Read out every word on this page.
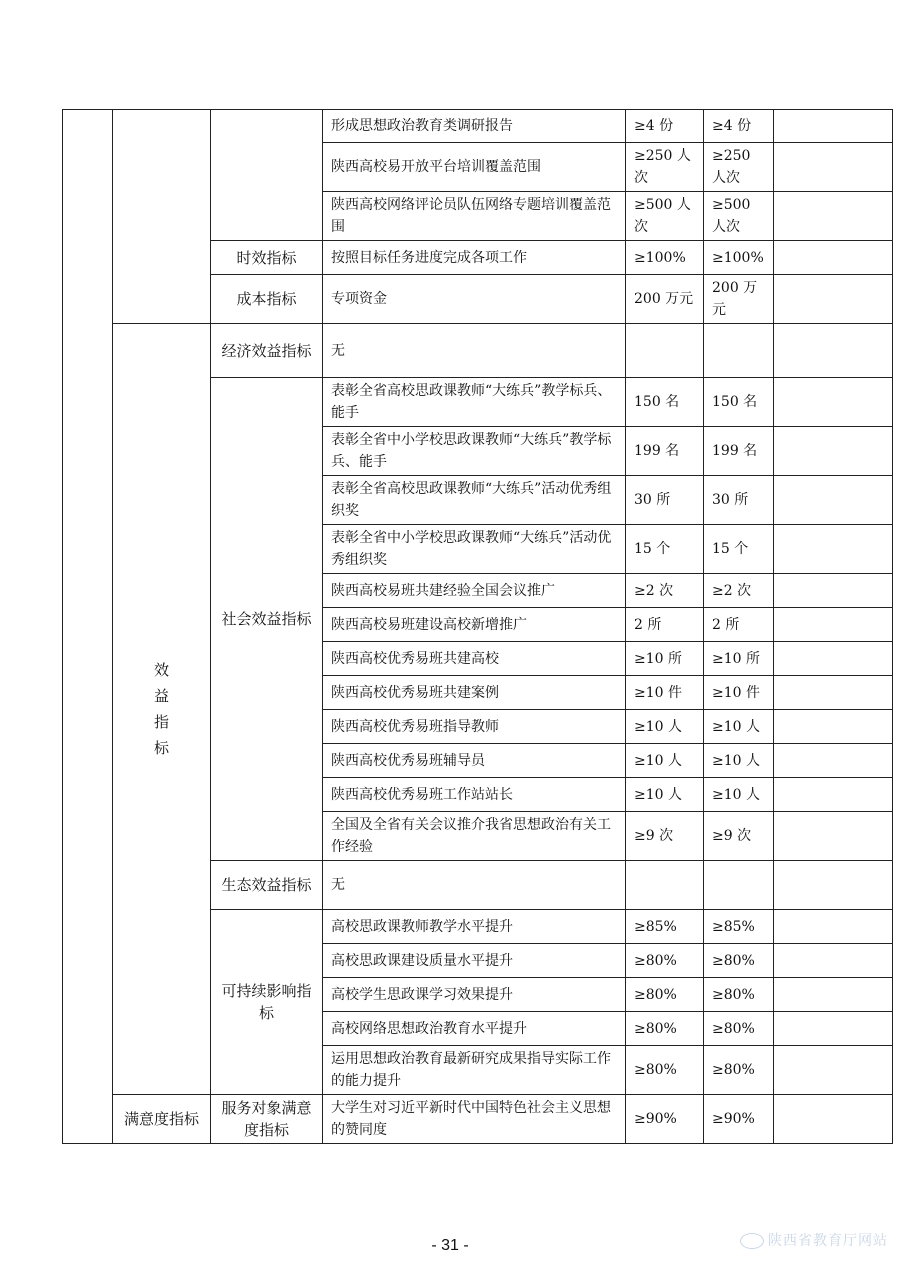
			形成思想政治教育类调研报告	≥4 份	≥4 份	
			陕西高校易开放平台培训覆盖范围	≥250 人次	≥250 人次	
			陕西高校网络评论员队伍网络专题培训覆盖范围	≥500 人次	≥500 人次	
		时效指标	按照目标任务进度完成各项工作	≥100%	≥100%	
		成本指标	专项资金	200 万元	200 万元	
	效益指标	经济效益指标	无			
		社会效益指标	表彰全省高校思政课教师“大练兵”教学标兵、能手	150 名	150 名	
			表彰全省中小学校思政课教师“大练兵”教学标兵、能手	199 名	199 名	
			表彰全省高校思政课教师“大练兵”活动优秀组织奖	30 所	30 所	
			表彰全省中小学校思政课教师“大练兵”活动优秀组织奖	15 个	15 个	
			陕西高校易班共建经验全国会议推广	≥2 次	≥2 次	
			陕西高校易班建设高校新增推广	2 所	2 所	
			陕西高校优秀易班共建高校	≥10 所	≥10 所	
			陕西高校优秀易班共建案例	≥10 件	≥10 件	
			陕西高校优秀易班指导教师	≥10 人	≥10 人	
			陕西高校优秀易班辅导员	≥10 人	≥10 人	
			陕西高校优秀易班工作站站长	≥10 人	≥10 人	
			全国及全省有关会议推介我省思想政治有关工作经验	≥9 次	≥9 次	
		生态效益指标	无			
		可持续影响指标	高校思政课教师教学水平提升	≥85%	≥85%	
			高校思政课建设质量水平提升	≥80%	≥80%	
			高校学生思政课学习效果提升	≥80%	≥80%	
			高校网络思想政治教育水平提升	≥80%	≥80%	
			运用思想政治教育最新研究成果指导实际工作的能力提升	≥80%	≥80%	
	满意度指标	服务对象满意度指标	大学生对习近平新时代中国特色社会主义思想的赞同度	≥90%	≥90%	
- 31 -	陕西省教育厅网站
